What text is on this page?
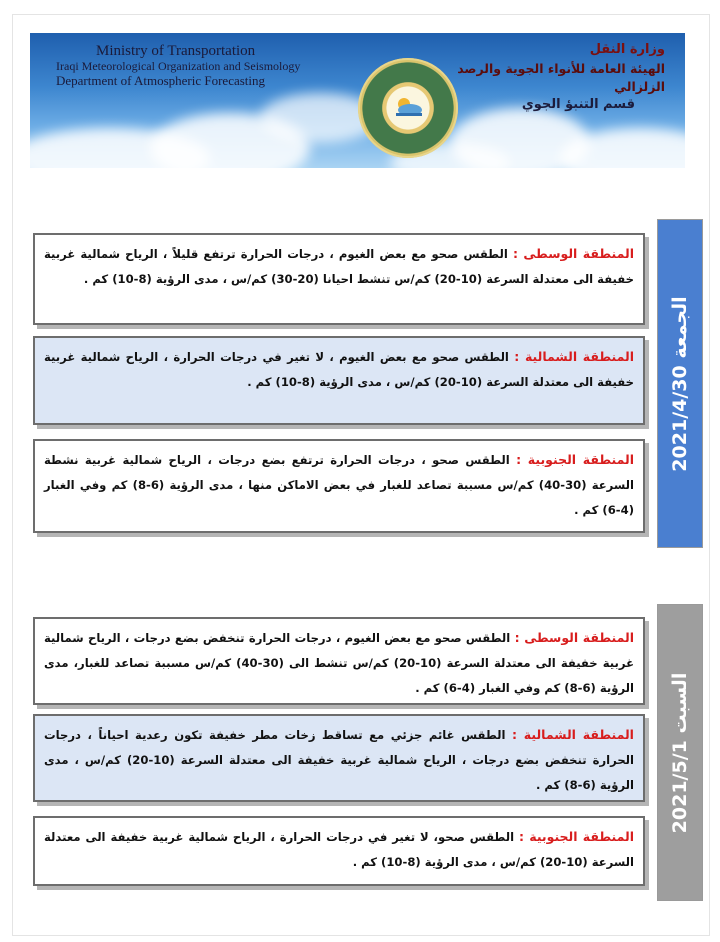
Ministry of Transportation
Iraqi Meteorological Organization and Seismology
Department of Atmospheric Forecasting
وزارة النقل
الهيئة العامة للأنواء الجوية والرصد الزلزالي
قسم التنبؤ الجوي
الجمعة 2021/4/30
المنطقة الوسطى : الطقس صحو مع بعض الغيوم ، درجات الحرارة ترتفع قليلاً ، الرياح شمالية غربية خفيفة الى معتدلة السرعة (10-20) كم/س تنشط احيانا (20-30) كم/س ، مدى الرؤية (8-10) كم .
المنطقة الشمالية : الطقس صحو مع بعض الغيوم ، لا تغير في درجات الحرارة ، الرياح شمالية غربية خفيفة الى معتدلة السرعة (10-20) كم/س ، مدى الرؤية (8-10) كم .
المنطقة الجنوبية : الطقس صحو ، درجات الحرارة ترتفع بضع درجات ، الرياح شمالية غربية نشطة السرعة (30-40) كم/س مسببة تصاعد للغبار في بعض الاماكن منها ، مدى الرؤية (6-8) كم وفي الغبار (4-6) كم .
السبت 2021/5/1
المنطقة الوسطى : الطقس صحو مع بعض الغيوم ، درجات الحرارة تنخفض بضع درجات ، الرياح شمالية غربية خفيفة الى معتدلة السرعة (10-20) كم/س تنشط الى (30-40) كم/س مسببة تصاعد للغبار، مدى الرؤية (6-8) كم وفي الغبار (4-6) كم .
المنطقة الشمالية : الطقس غائم جزئي مع تساقط زخات مطر خفيفة تكون رعدية احياناً ، درجات الحرارة تنخفض بضع درجات ، الرياح شمالية غربية خفيفة الى معتدلة السرعة (10-20) كم/س ، مدى الرؤية (6-8) كم .
المنطقة الجنوبية : الطقس صحو، لا تغير في درجات الحرارة ، الرياح شمالية غربية خفيفة الى معتدلة السرعة (10-20) كم/س ، مدى الرؤية (8-10) كم .
